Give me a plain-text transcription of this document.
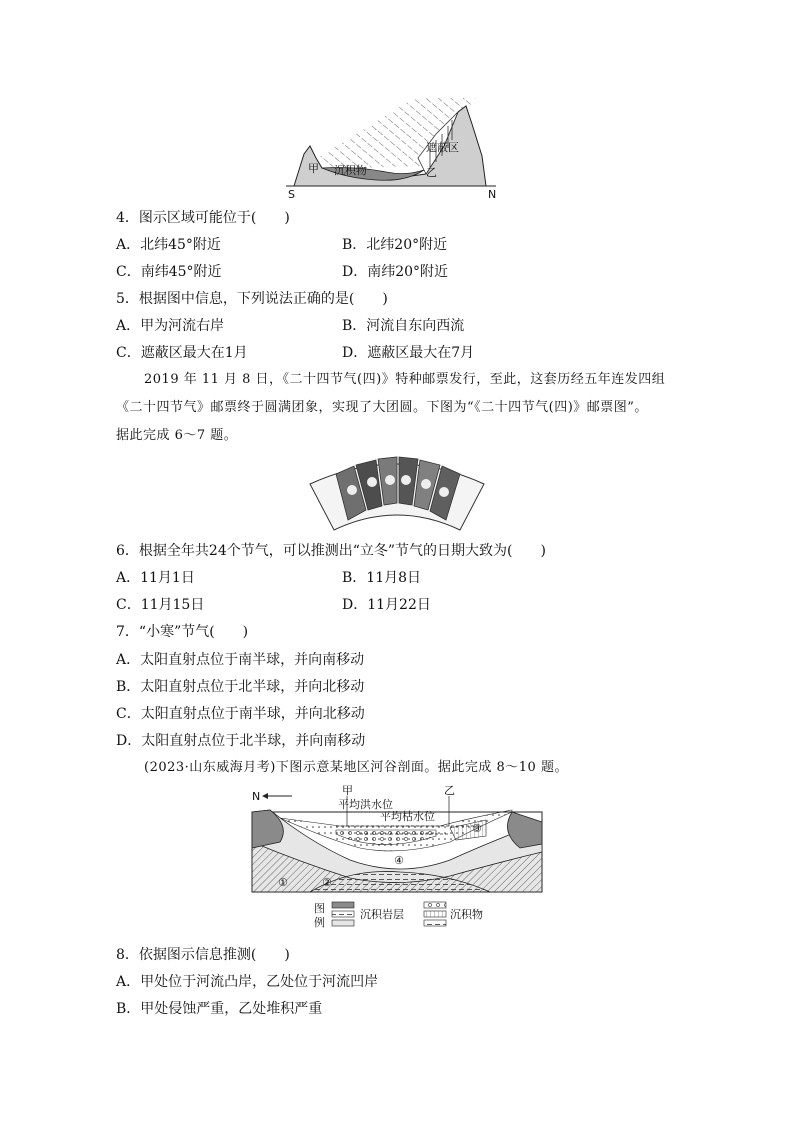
甲 沉积物
遮蔽区
乙
S	N
4．图示区域可能位于(　　)
A．北纬45°附近	B．北纬20°附近
C．南纬45°附近	D．南纬20°附近
5．根据图中信息，下列说法正确的是(　　)
A．甲为河流右岸	B．河流自东向西流
C．遮蔽区最大在1月	D．遮蔽区最大在7月
2019 年 11 月 8 日，《二十四节气(四)》特种邮票发行，至此，这套历经五年连发四组
《二十四节气》邮票终于圆满团象，实现了大团圆。下图为“《二十四节气(四)》邮票图”。
据此完成 6～7 题。
6．根据全年共24个节气，可以推测出“立冬”节气的日期大致为(　　)
A．11月1日	B．11月8日
C．11月15日	D．11月22日
7．“小寒”节气(　　)
A．太阳直射点位于南半球，并向南移动
B．太阳直射点位于北半球，并向北移动
C．太阳直射点位于南半球，并向北移动
D．太阳直射点位于北半球，并向南移动
(2023·山东威海月考)下图示意某地区河谷剖面。据此完成 8～10 题。
N	甲	乙
平均洪水位
平均枯水位
①	②
③
④
图
例
沉积岩层	沉积物
8．依据图示信息推测(　　)
A．甲处位于河流凸岸，乙处位于河流凹岸
B．甲处侵蚀严重，乙处堆积严重
